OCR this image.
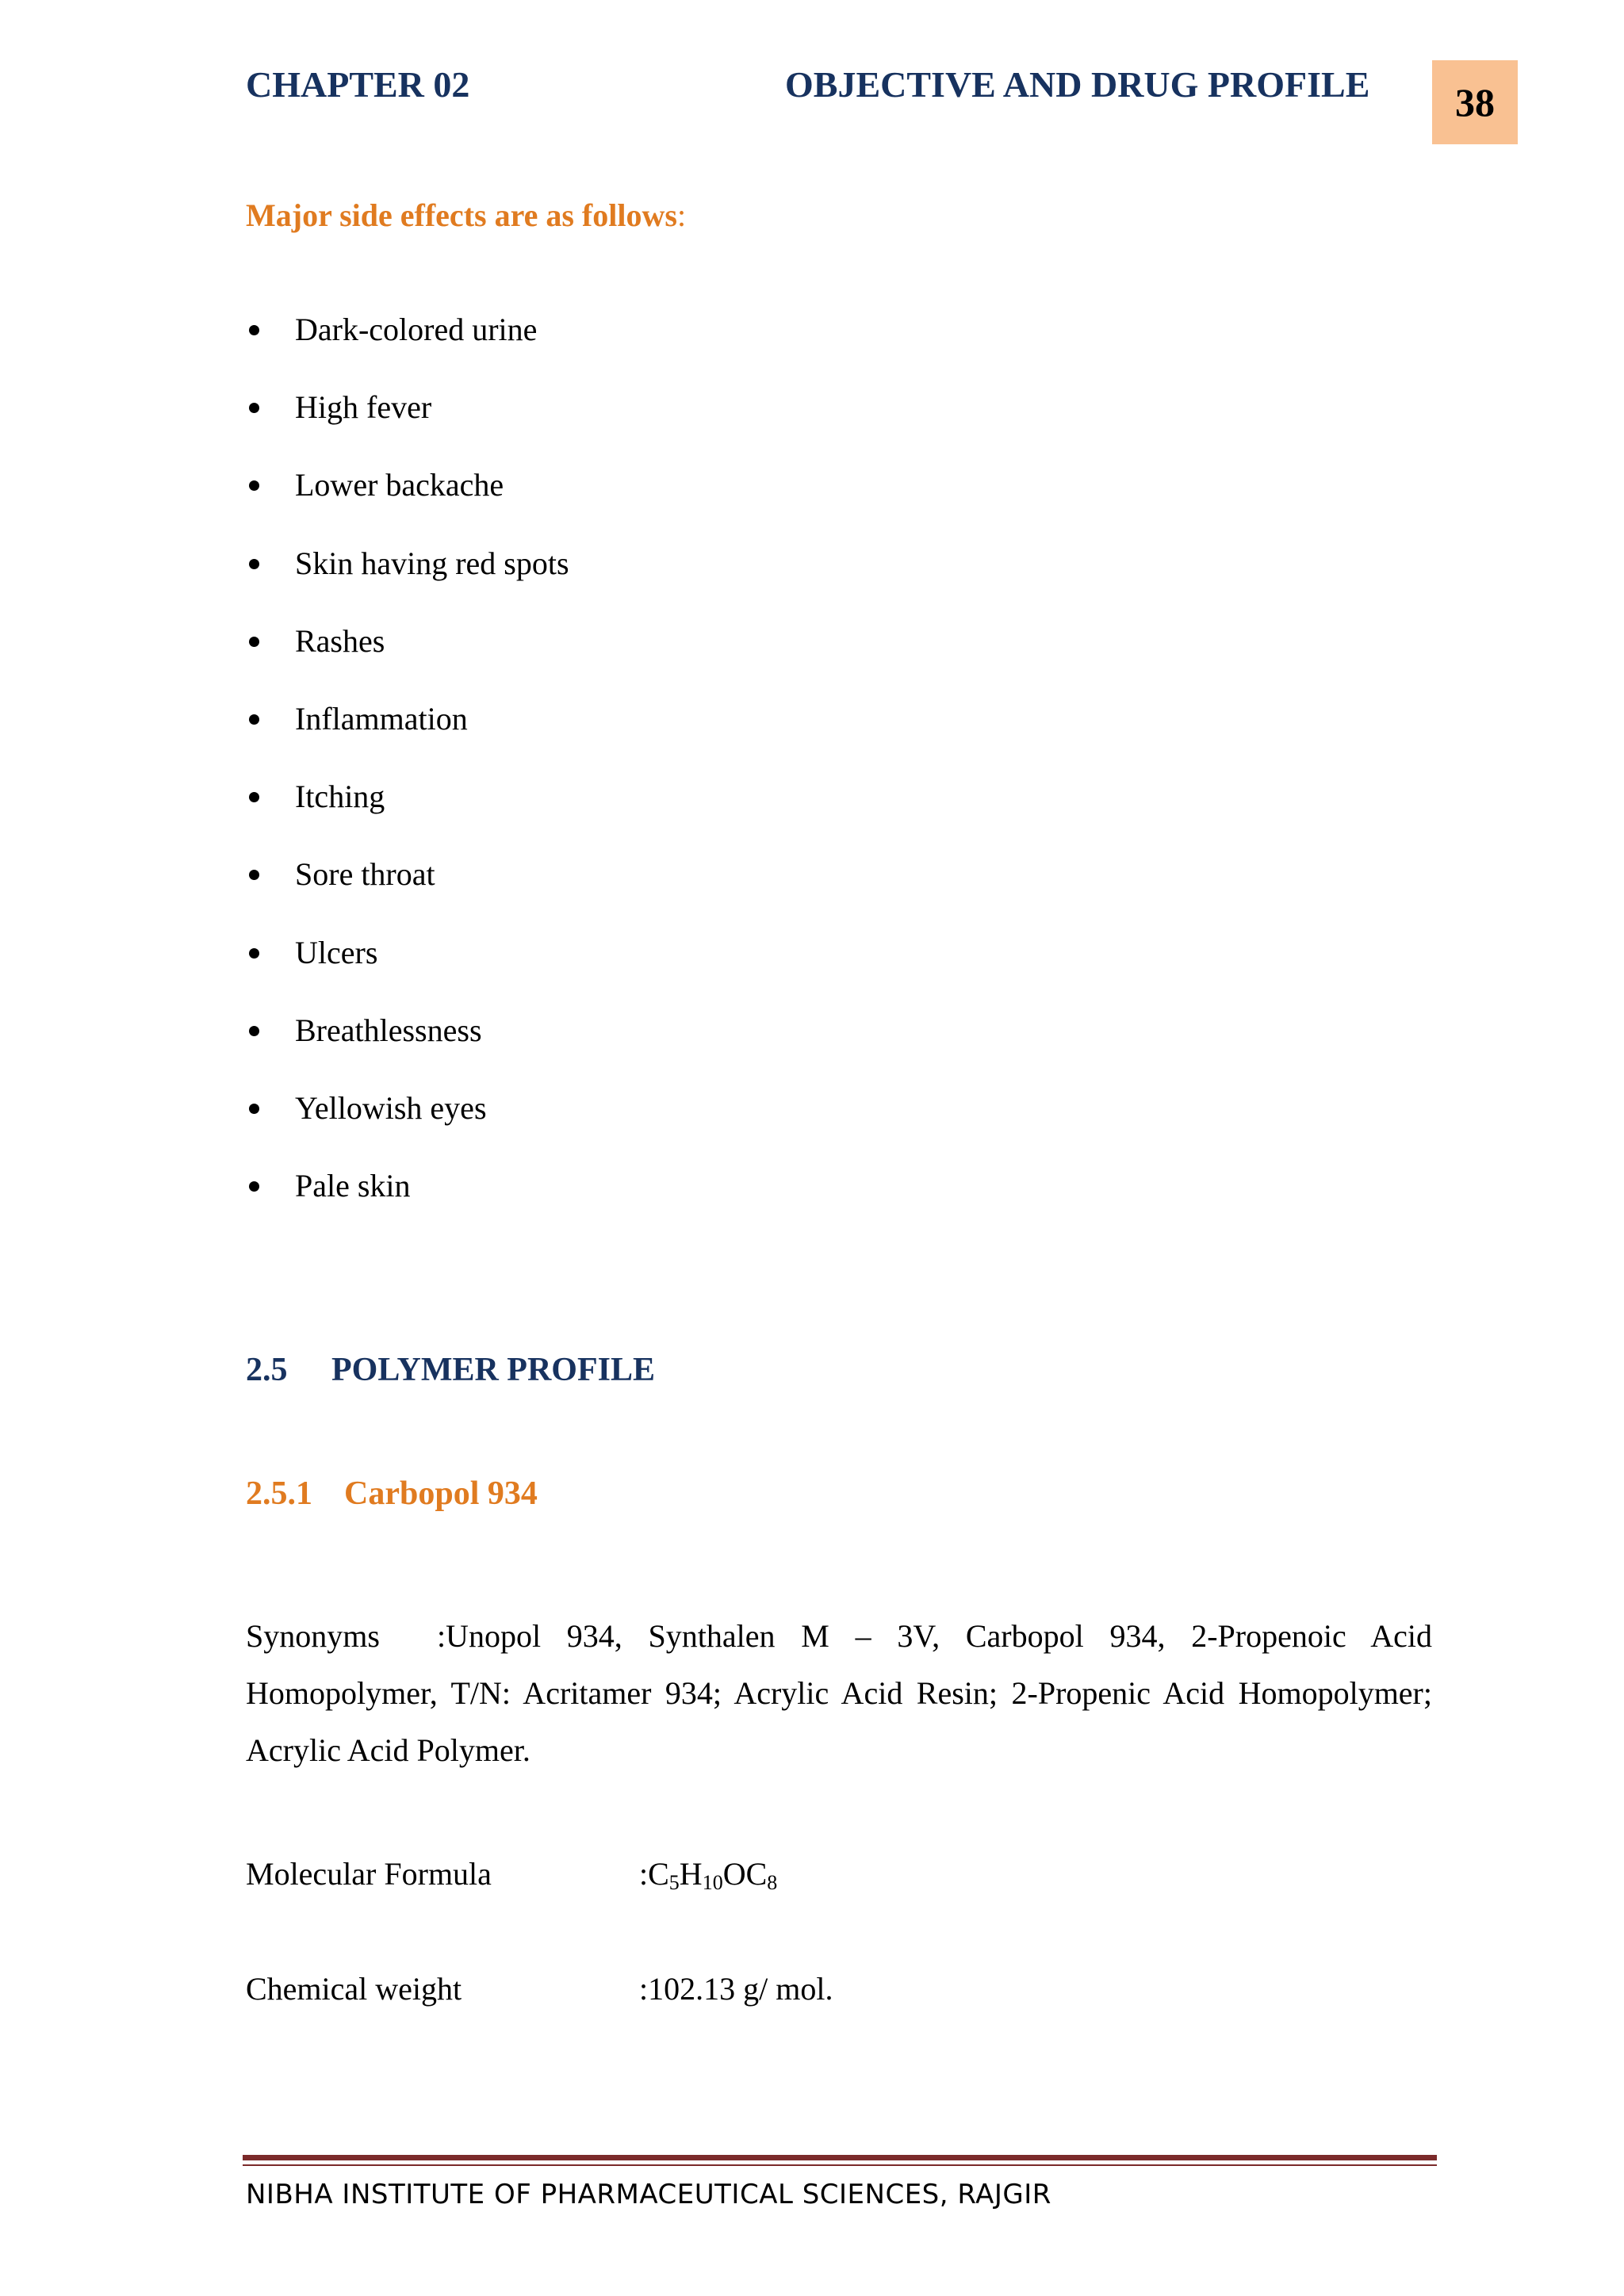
CHAPTER 02	OBJECTIVE AND DRUG PROFILE 38
Major side effects are as follows:
Dark-colored urine
High fever
Lower backache
Skin having red spots
Rashes
Inflammation
Itching
Sore throat
Ulcers
Breathlessness
Yellowish eyes
Pale skin
2.5 POLYMER PROFILE
2.5.1 Carbopol 934
Synonyms :Unopol 934, Synthalen M – 3V, Carbopol 934, 2-Propenoic Acid Homopolymer, T/N: Acritamer 934; Acrylic Acid Resin; 2-Propenic Acid Homopolymer; Acrylic Acid Polymer.
Molecular Formula	$:C_5H_{10}OC_8$
Chemical weight	:102.13 g/ mol.
NIBHA INSTITUTE OF PHARMACEUTICAL SCIENCES, RAJGIR
